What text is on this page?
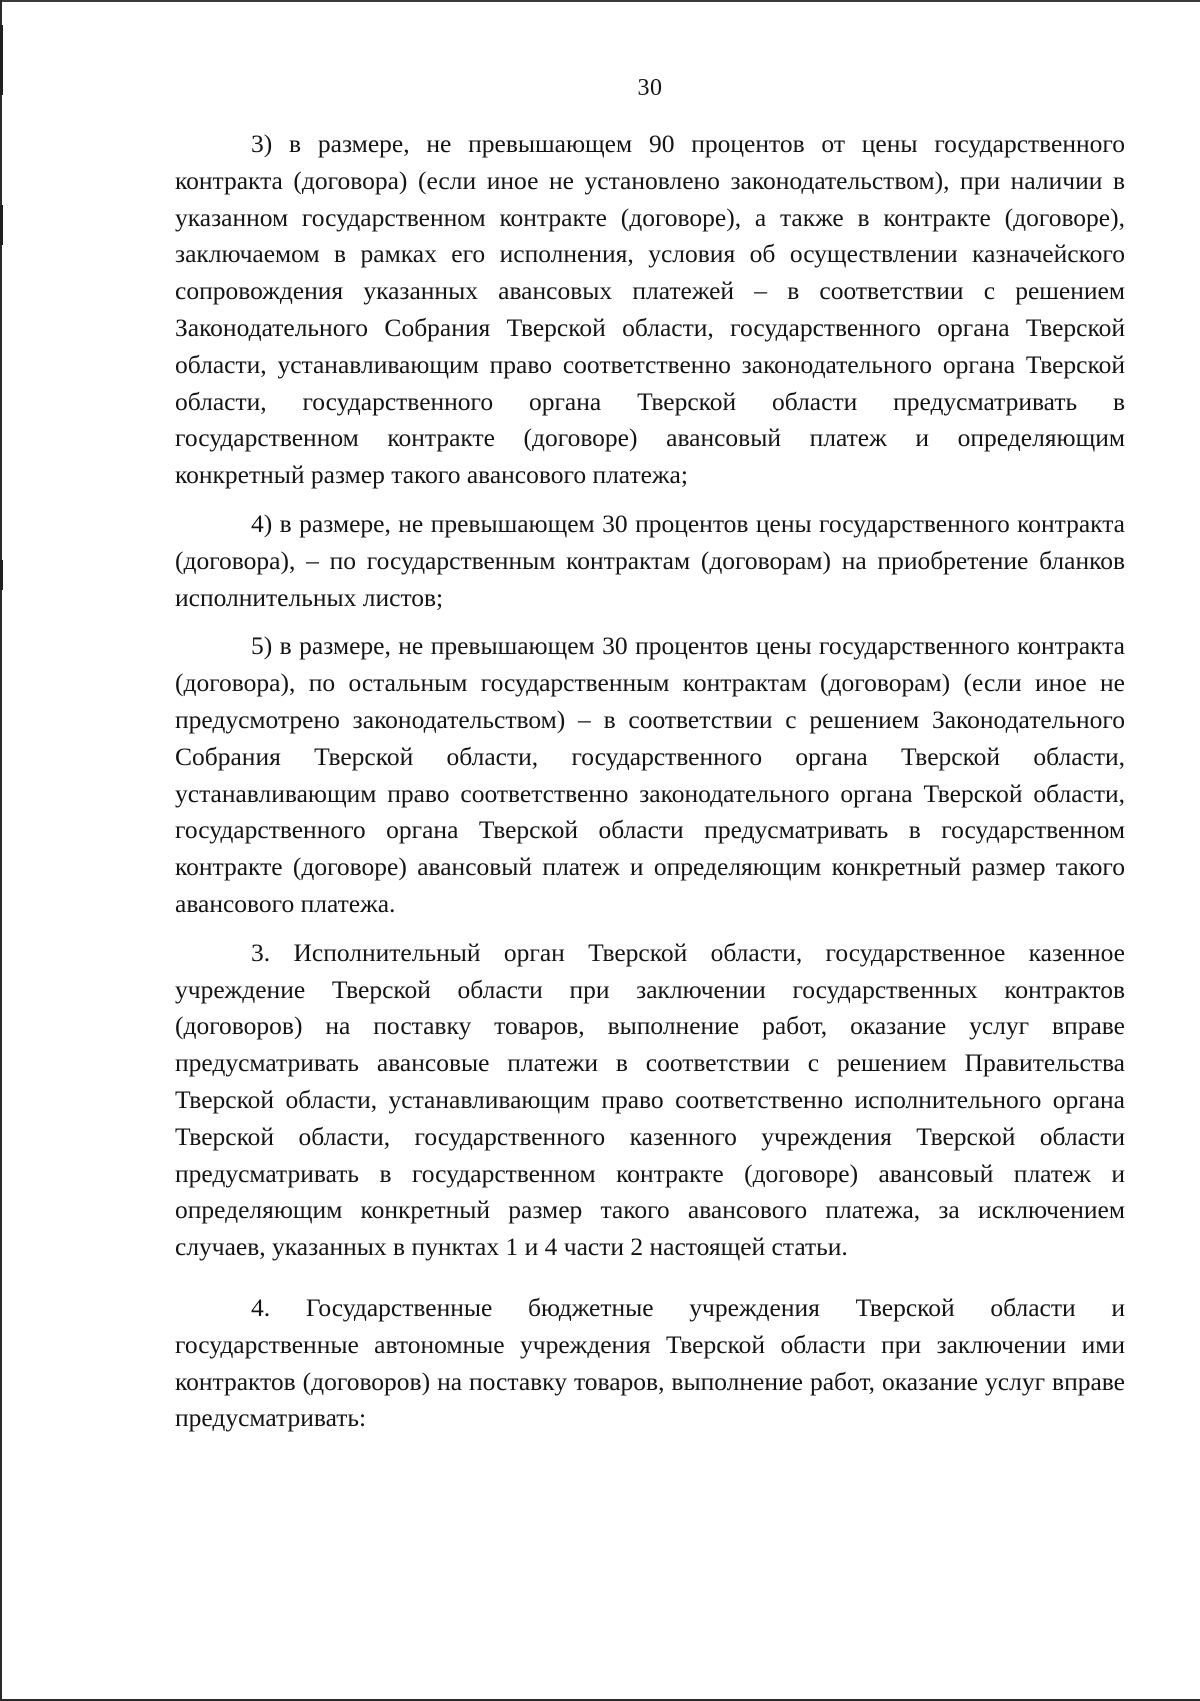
30

3) в размере, не превышающем 90 процентов от цены государственного контракта (договора) (если иное не установлено законодательством), при наличии в указанном государственном контракте (договоре), а также в контракте (договоре), заключаемом в рамках его исполнения, условия об осуществлении казначейского сопровождения указанных авансовых платежей – в соответствии с решением Законодательного Собрания Тверской области, государственного органа Тверской области, устанавливающим право соответственно законодательного органа Тверской области, государственного органа Тверской области предусматривать в государственном контракте (договоре) авансовый платеж и определяющим конкретный размер такого авансового платежа;

4) в размере, не превышающем 30 процентов цены государственного контракта (договора), – по государственным контрактам (договорам) на приобретение бланков исполнительных листов;

5) в размере, не превышающем 30 процентов цены государственного контракта (договора), по остальным государственным контрактам (договорам) (если иное не предусмотрено законодательством) – в соответствии с решением Законодательного Собрания Тверской области, государственного органа Тверской области, устанавливающим право соответственно законодательного органа Тверской области, государственного органа Тверской области предусматривать в государственном контракте (договоре) авансовый платеж и определяющим конкретный размер такого авансового платежа.

3. Исполнительный орган Тверской области, государственное казенное учреждение Тверской области при заключении государственных контрактов (договоров) на поставку товаров, выполнение работ, оказание услуг вправе предусматривать авансовые платежи в соответствии с решением Правительства Тверской области, устанавливающим право соответственно исполнительного органа Тверской области, государственного казенного учреждения Тверской области предусматривать в государственном контракте (договоре) авансовый платеж и определяющим конкретный размер такого авансового платежа, за исключением случаев, указанных в пунктах 1 и 4 части 2 настоящей статьи.

4. Государственные бюджетные учреждения Тверской области и государственные автономные учреждения Тверской области при заключении ими контрактов (договоров) на поставку товаров, выполнение работ, оказание услуг вправе предусматривать:
